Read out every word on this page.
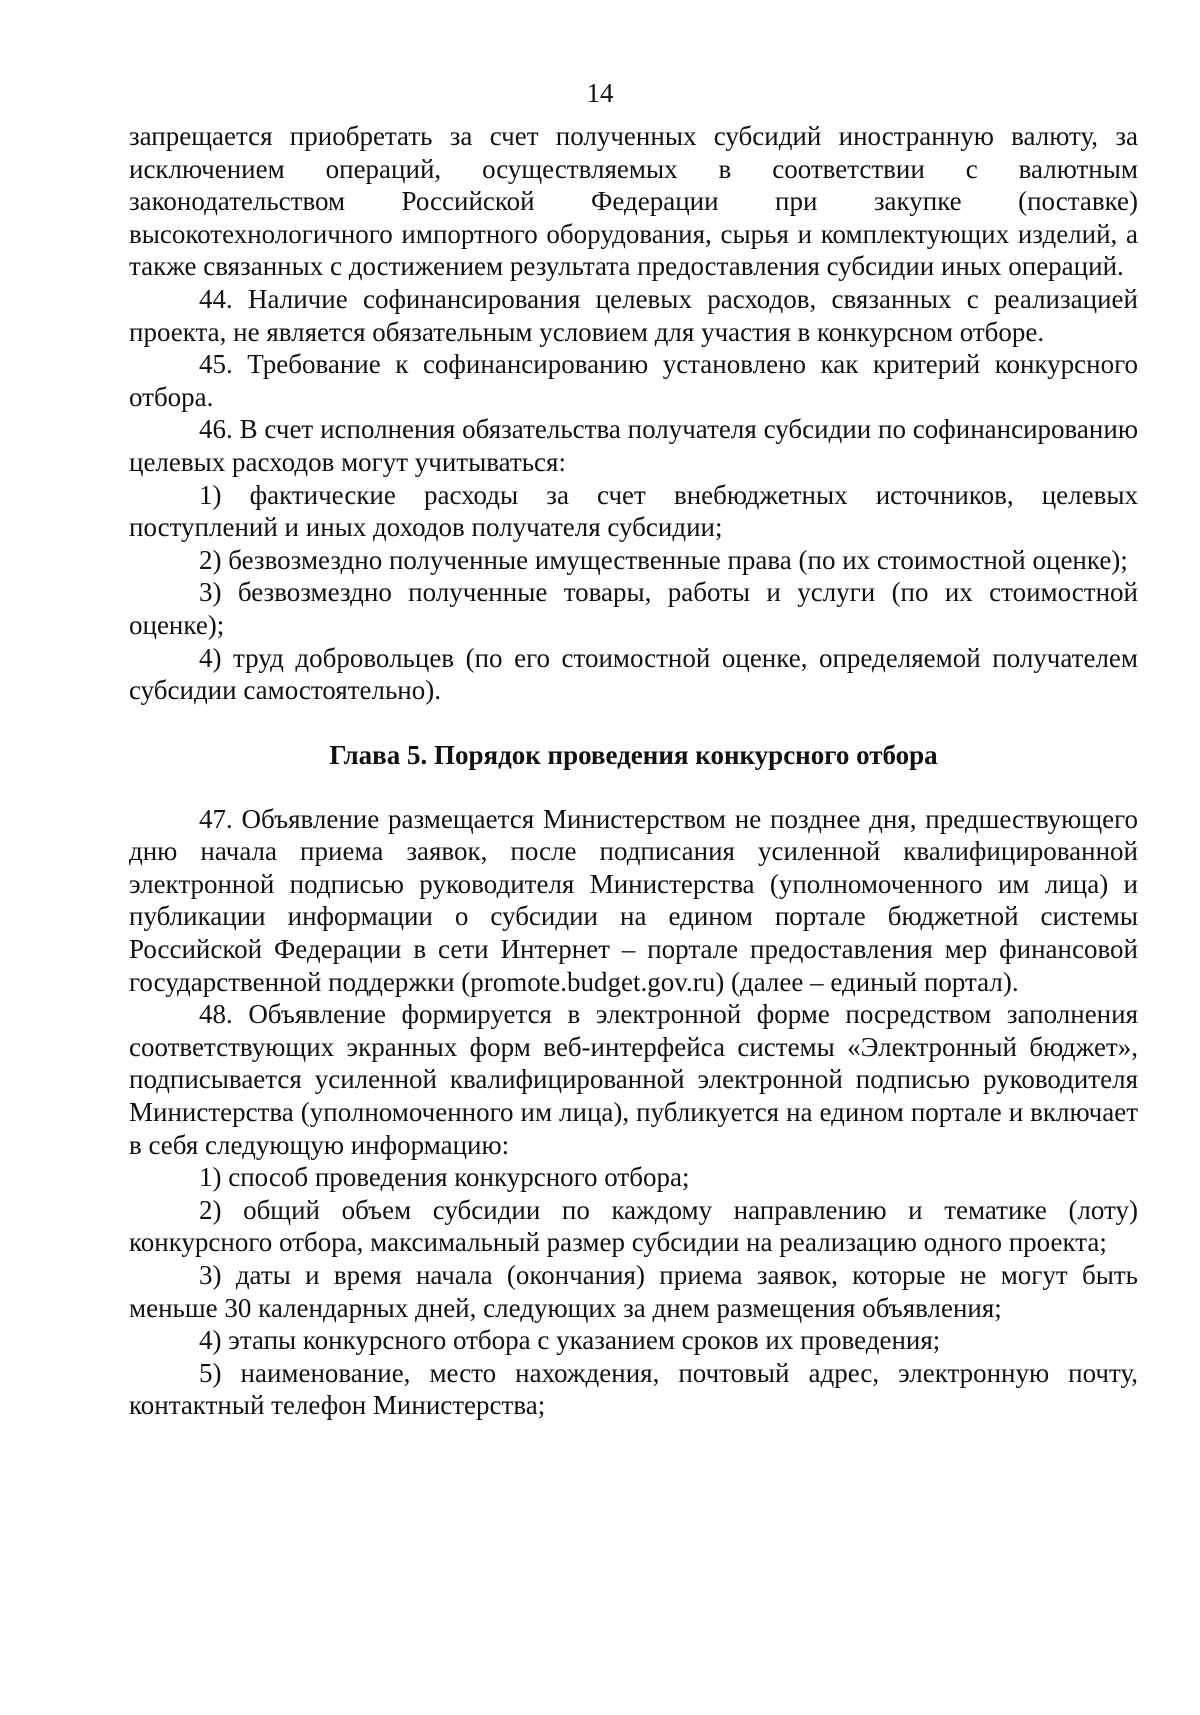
14

запрещается приобретать за счет полученных субсидий иностранную валюту, за исключением операций, осуществляемых в соответствии с валютным законодательством Российской Федерации при закупке (поставке) высокотехнологичного импортного оборудования, сырья и комплектующих изделий, а также связанных с достижением результата предоставления субсидии иных операций.

44. Наличие софинансирования целевых расходов, связанных с реализацией проекта, не является обязательным условием для участия в конкурсном отборе.

45. Требование к софинансированию установлено как критерий конкурсного отбора.

46. В счет исполнения обязательства получателя субсидии по софинансированию целевых расходов могут учитываться:

1) фактические расходы за счет внебюджетных источников, целевых поступлений и иных доходов получателя субсидии;

2) безвозмездно полученные имущественные права (по их стоимостной оценке);

3) безвозмездно полученные товары, работы и услуги (по их стоимостной оценке);

4) труд добровольцев (по его стоимостной оценке, определяемой получателем субсидии самостоятельно).

Глава 5. Порядок проведения конкурсного отбора

47. Объявление размещается Министерством не позднее дня, предшествующего дню начала приема заявок, после подписания усиленной квалифицированной электронной подписью руководителя Министерства (уполномоченного им лица) и публикации информации о субсидии на едином портале бюджетной системы Российской Федерации в сети Интернет – портале предоставления мер финансовой государственной поддержки (promote.budget.gov.ru) (далее – единый портал).

48. Объявление формируется в электронной форме посредством заполнения соответствующих экранных форм веб-интерфейса системы «Электронный бюджет», подписывается усиленной квалифицированной электронной подписью руководителя Министерства (уполномоченного им лица), публикуется на едином портале и включает в себя следующую информацию:

1) способ проведения конкурсного отбора;

2) общий объем субсидии по каждому направлению и тематике (лоту) конкурсного отбора, максимальный размер субсидии на реализацию одного проекта;

3) даты и время начала (окончания) приема заявок, которые не могут быть меньше 30 календарных дней, следующих за днем размещения объявления;

4) этапы конкурсного отбора с указанием сроков их проведения;

5) наименование, место нахождения, почтовый адрес, электронную почту, контактный телефон Министерства;
